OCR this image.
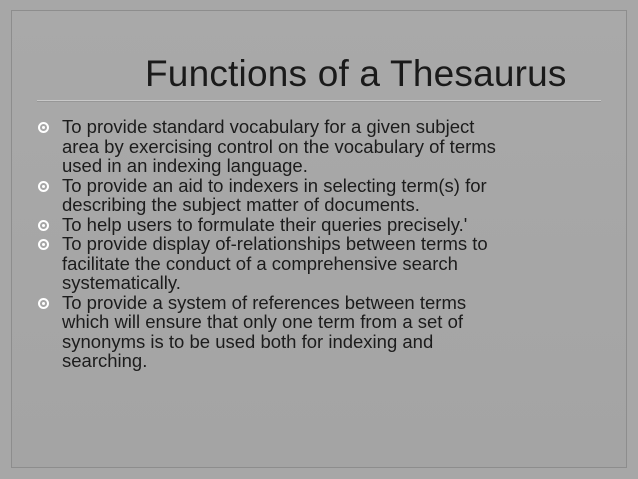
Functions of a Thesaurus
To provide standard vocabulary for a given subject
area by exercising control on the vocabulary of terms
used in an indexing language.
To provide an aid to indexers in selecting term(s) for
describing the subject matter of documents.
To help users to formulate their queries precisely.'
To provide display of-relationships between terms to
facilitate the conduct of a comprehensive search
systematically.
To provide a system of references between terms
which will ensure that only one term from a set of
synonyms is to be used both for indexing and
searching.
